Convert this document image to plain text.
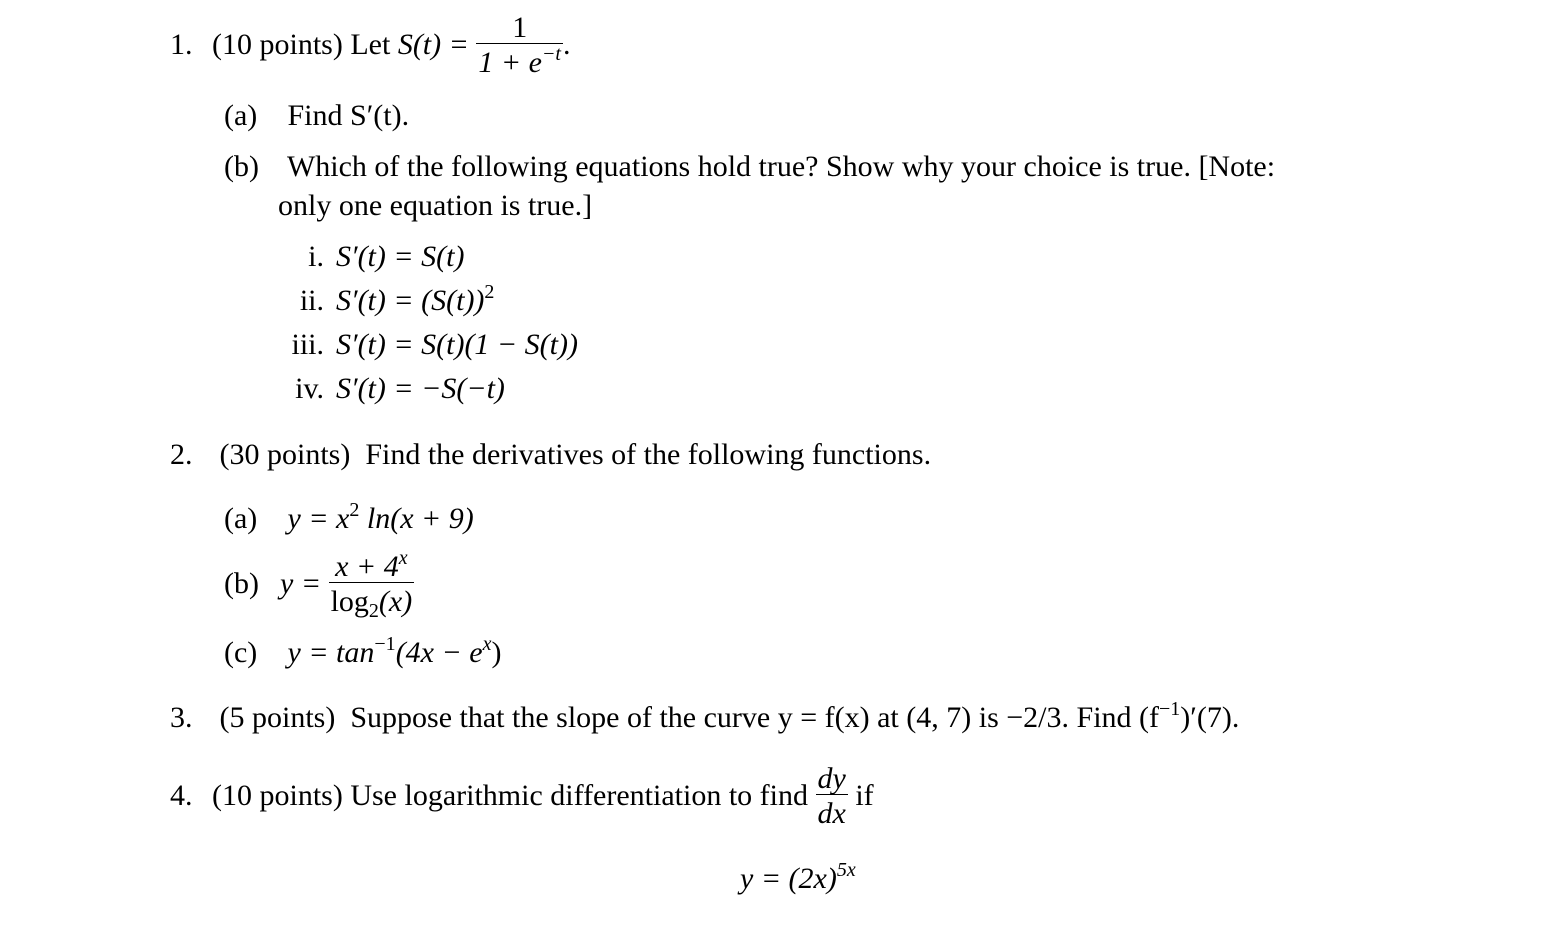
1. (10 points)
Let
S(t) =
$\frac{1}{1 + e^{-t}}$ .
(a) Find S′(t).
(b) Which of the following equations hold true? Show why your choice is true. [Note:
only one equation is true.]
i. S′(t) = S(t)
ii. $S'(t) = (S(t))^2$
iii. S′(t) = S(t)(1 − S(t))
iv. S′(t) = −S(−t)
2. (30 points) Find the derivatives of the following functions.
(a) $y = x^2$ ln(x + 9)
(b) y =
$\frac{x + 4^x}{\log_2(x)}$
(c) $y = \tan^{-1}(4x - e^x)$
3. (5 points) Suppose that the slope of the curve y = f(x) at (4, 7) is −2/3. Find $(f^{-1})'(7)$.
4. (10 points)
Use logarithmic differentiation to find
$\frac{dy}{dx}$
if
$y = (2x)^{5x}$
